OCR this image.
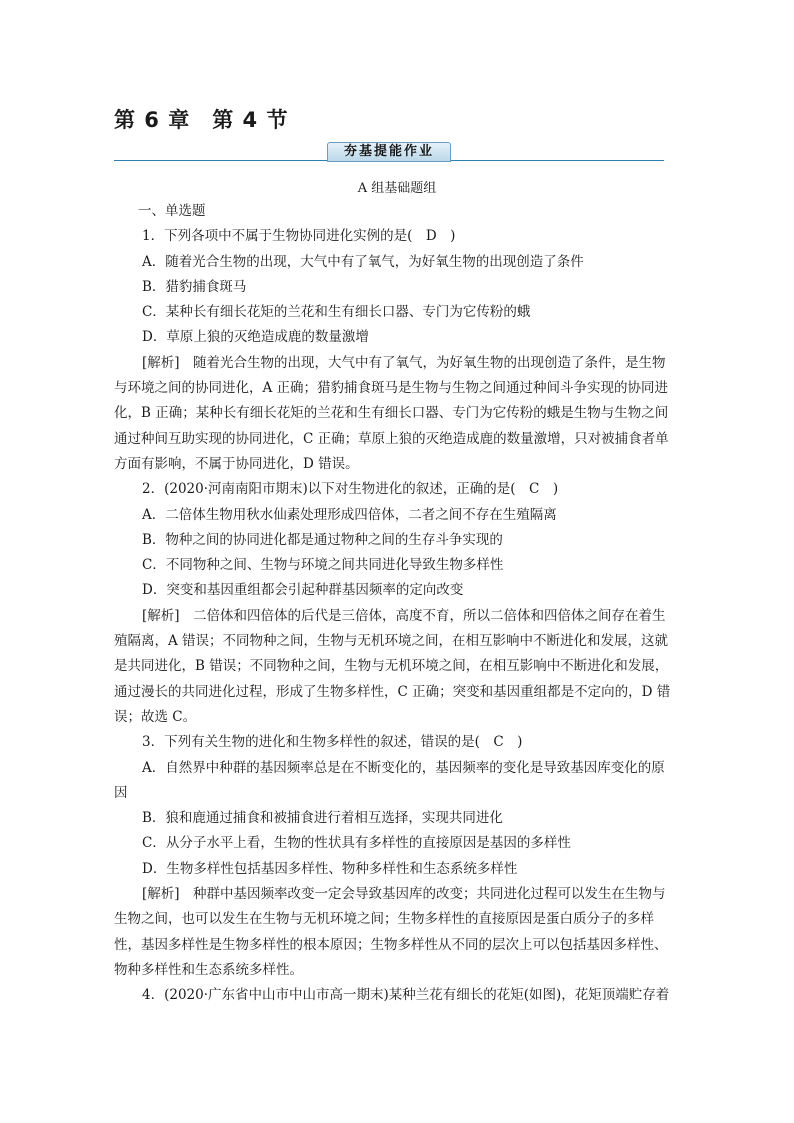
第 6 章　第 4 节
夯基提能作业
A 组基础题组
一、单选题
1．下列各项中不属于生物协同进化实例的是(　D　)
A．随着光合生物的出现，大气中有了氧气，为好氧生物的出现创造了条件
B．猎豹捕食斑马
C．某种长有细长花矩的兰花和生有细长口器、专门为它传粉的蛾
D．草原上狼的灭绝造成鹿的数量激增
[解析]　随着光合生物的出现，大气中有了氧气，为好氧生物的出现创造了条件，是生物
与环境之间的协同进化，A 正确；猎豹捕食斑马是生物与生物之间通过种间斗争实现的协同进
化，B 正确；某种长有细长花矩的兰花和生有细长口器、专门为它传粉的蛾是生物与生物之间
通过种间互助实现的协同进化，C 正确；草原上狼的灭绝造成鹿的数量激增，只对被捕食者单
方面有影响，不属于协同进化，D 错误。
2．(2020·河南南阳市期末)以下对生物进化的叙述，正确的是(　C　)
A．二倍体生物用秋水仙素处理形成四倍体，二者之间不存在生殖隔离
B．物种之间的协同进化都是通过物种之间的生存斗争实现的
C．不同物种之间、生物与环境之间共同进化导致生物多样性
D．突变和基因重组都会引起种群基因频率的定向改变
[解析]　二倍体和四倍体的后代是三倍体，高度不育，所以二倍体和四倍体之间存在着生
殖隔离，A 错误；不同物种之间，生物与无机环境之间，在相互影响中不断进化和发展，这就
是共同进化，B 错误；不同物种之间，生物与无机环境之间，在相互影响中不断进化和发展，
通过漫长的共同进化过程，形成了生物多样性，C 正确；突变和基因重组都是不定向的，D 错
误；故选 C。
3．下列有关生物的进化和生物多样性的叙述，错误的是(　C　)
A．自然界中种群的基因频率总是在不断变化的，基因频率的变化是导致基因库变化的原
因
B．狼和鹿通过捕食和被捕食进行着相互选择，实现共同进化
C．从分子水平上看，生物的性状具有多样性的直接原因是基因的多样性
D．生物多样性包括基因多样性、物种多样性和生态系统多样性
[解析]　种群中基因频率改变一定会导致基因库的改变；共同进化过程可以发生在生物与
生物之间，也可以发生在生物与无机环境之间；生物多样性的直接原因是蛋白质分子的多样
性，基因多样性是生物多样性的根本原因；生物多样性从不同的层次上可以包括基因多样性、
物种多样性和生态系统多样性。
4．(2020·广东省中山市中山市高一期末)某种兰花有细长的花矩(如图)，花矩顶端贮存着
